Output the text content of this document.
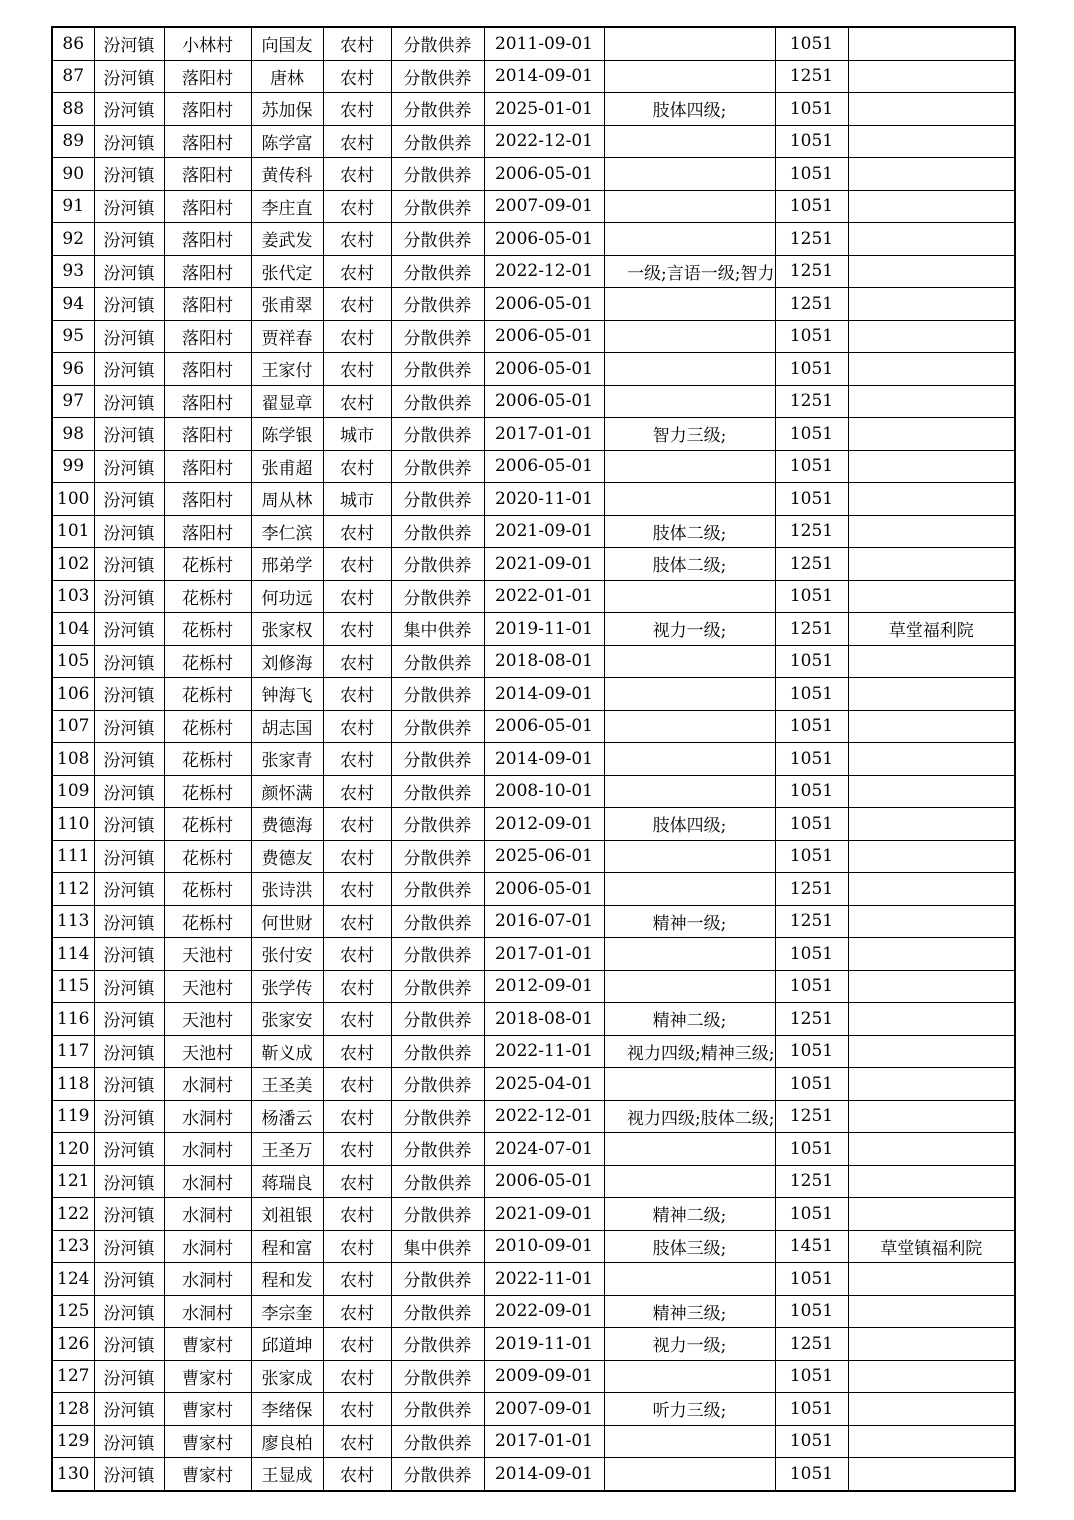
86	汾河镇	小林村	向国友	农村	分散供养	2011-09-01		1051	
87	汾河镇	落阳村	唐林	农村	分散供养	2014-09-01		1251	
88	汾河镇	落阳村	苏加保	农村	分散供养	2025-01-01	肢体四级;	1051	
89	汾河镇	落阳村	陈学富	农村	分散供养	2022-12-01		1051	
90	汾河镇	落阳村	黄传科	农村	分散供养	2006-05-01		1051	
91	汾河镇	落阳村	李庄直	农村	分散供养	2007-09-01		1051	
92	汾河镇	落阳村	姜武发	农村	分散供养	2006-05-01		1251	
93	汾河镇	落阳村	张代定	农村	分散供养	2022-12-01	一级;言语一级;智力	1251	
94	汾河镇	落阳村	张甫翠	农村	分散供养	2006-05-01		1251	
95	汾河镇	落阳村	贾祥春	农村	分散供养	2006-05-01		1051	
96	汾河镇	落阳村	王家付	农村	分散供养	2006-05-01		1051	
97	汾河镇	落阳村	翟显章	农村	分散供养	2006-05-01		1251	
98	汾河镇	落阳村	陈学银	城市	分散供养	2017-01-01	智力三级;	1051	
99	汾河镇	落阳村	张甫超	农村	分散供养	2006-05-01		1051	
100	汾河镇	落阳村	周从林	城市	分散供养	2020-11-01		1051	
101	汾河镇	落阳村	李仁滨	农村	分散供养	2021-09-01	肢体二级;	1251	
102	汾河镇	花栎村	邢弟学	农村	分散供养	2021-09-01	肢体二级;	1251	
103	汾河镇	花栎村	何功远	农村	分散供养	2022-01-01		1051	
104	汾河镇	花栎村	张家权	农村	集中供养	2019-11-01	视力一级;	1251	草堂福利院
105	汾河镇	花栎村	刘修海	农村	分散供养	2018-08-01		1051	
106	汾河镇	花栎村	钟海飞	农村	分散供养	2014-09-01		1051	
107	汾河镇	花栎村	胡志国	农村	分散供养	2006-05-01		1051	
108	汾河镇	花栎村	张家青	农村	分散供养	2014-09-01		1051	
109	汾河镇	花栎村	颜怀满	农村	分散供养	2008-10-01		1051	
110	汾河镇	花栎村	费德海	农村	分散供养	2012-09-01	肢体四级;	1051	
111	汾河镇	花栎村	费德友	农村	分散供养	2025-06-01		1051	
112	汾河镇	花栎村	张诗洪	农村	分散供养	2006-05-01		1251	
113	汾河镇	花栎村	何世财	农村	分散供养	2016-07-01	精神一级;	1251	
114	汾河镇	天池村	张付安	农村	分散供养	2017-01-01		1051	
115	汾河镇	天池村	张学传	农村	分散供养	2012-09-01		1051	
116	汾河镇	天池村	张家安	农村	分散供养	2018-08-01	精神二级;	1251	
117	汾河镇	天池村	靳义成	农村	分散供养	2022-11-01	视力四级;精神三级;	1051	
118	汾河镇	水洞村	王圣美	农村	分散供养	2025-04-01		1051	
119	汾河镇	水洞村	杨潘云	农村	分散供养	2022-12-01	视力四级;肢体二级;	1251	
120	汾河镇	水洞村	王圣万	农村	分散供养	2024-07-01		1051	
121	汾河镇	水洞村	蒋瑞良	农村	分散供养	2006-05-01		1251	
122	汾河镇	水洞村	刘祖银	农村	分散供养	2021-09-01	精神二级;	1051	
123	汾河镇	水洞村	程和富	农村	集中供养	2010-09-01	肢体三级;	1451	草堂镇福利院
124	汾河镇	水洞村	程和发	农村	分散供养	2022-11-01		1051	
125	汾河镇	水洞村	李宗奎	农村	分散供养	2022-09-01	精神三级;	1051	
126	汾河镇	曹家村	邱道坤	农村	分散供养	2019-11-01	视力一级;	1251	
127	汾河镇	曹家村	张家成	农村	分散供养	2009-09-01		1051	
128	汾河镇	曹家村	李绪保	农村	分散供养	2007-09-01	听力三级;	1051	
129	汾河镇	曹家村	廖良柏	农村	分散供养	2017-01-01		1051	
130	汾河镇	曹家村	王显成	农村	分散供养	2014-09-01		1051	
